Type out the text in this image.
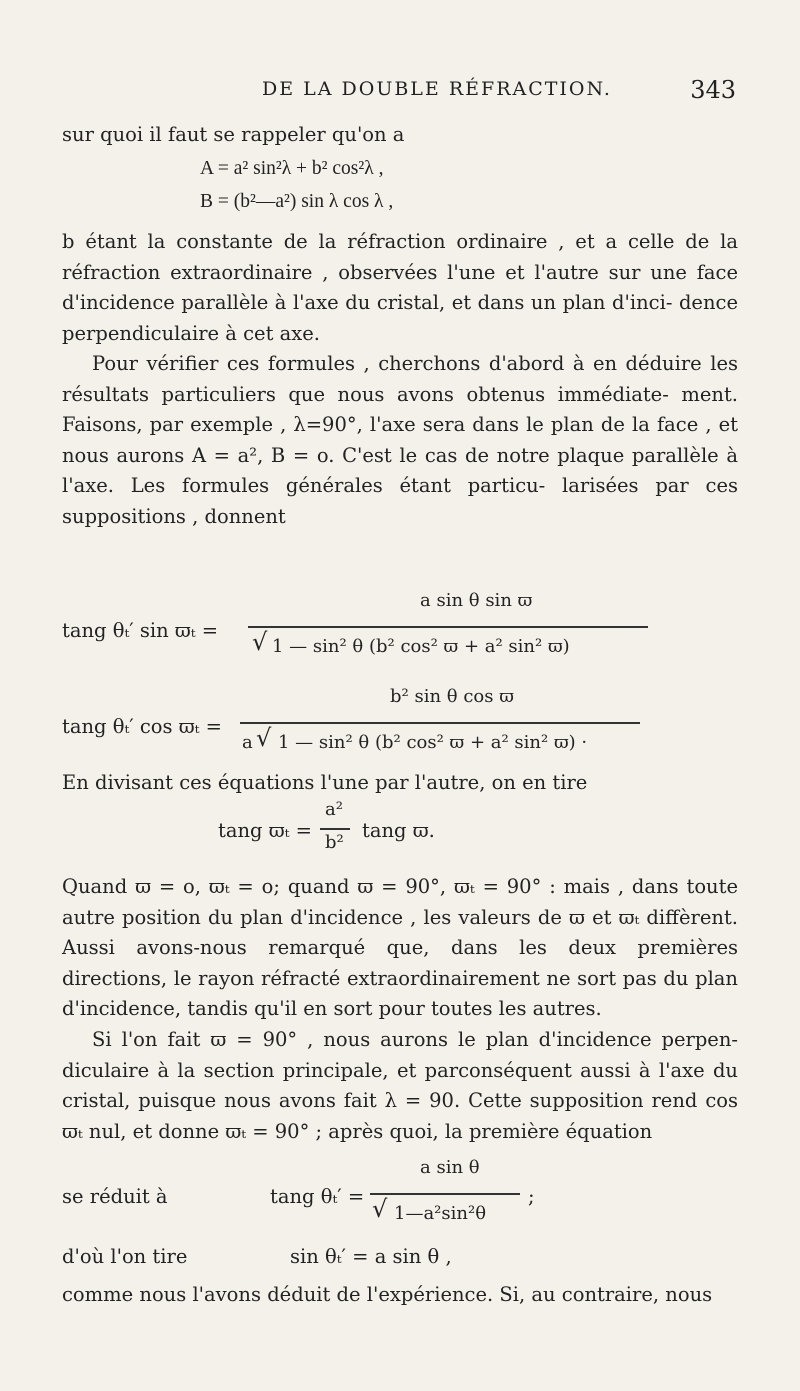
DE LA DOUBLE RÉFRACTION.	343

sur quoi il faut se rappeler qu'on a

A = a² sin²λ + b² cos²λ ,
B = (b²—a²) sin λ cos λ ,

b étant la constante de la réfraction ordinaire , et a celle de la réfraction extraordinaire , observées l'une et l'autre sur une face d'incidence parallèle à l'axe du cristal, et dans un plan d'inci- dence perpendiculaire à cet axe.

Pour vérifier ces formules , cherchons d'abord à en déduire les résultats particuliers que nous avons obtenus immédiate- ment. Faisons, par exemple , λ=90°, l'axe sera dans le plan de la face , et nous aurons A = a², B = o. C'est le cas de notre plaque parallèle à l'axe. Les formules générales étant particu- larisées par ces suppositions , donnent

tang θₜ′ sin ϖₜ =
a sin θ sin ϖ
√ 1 — sin² θ (b² cos² ϖ + a² sin² ϖ)
tang θₜ′ cos ϖₜ =
b² sin θ cos ϖ
a √ 1 — sin² θ (b² cos² ϖ + a² sin² ϖ) ·

En divisant ces équations l'une par l'autre, on en tire

tang ϖₜ =
a²
b²
tang ϖ.

Quand ϖ = o, ϖₜ = o; quand ϖ = 90°, ϖₜ = 90° : mais , dans toute autre position du plan d'incidence , les valeurs de ϖ et ϖₜ diffèrent. Aussi avons-nous remarqué que, dans les deux premières directions, le rayon réfracté extraordinairement ne sort pas du plan d'incidence, tandis qu'il en sort pour toutes les autres.

Si l'on fait ϖ = 90° , nous aurons le plan d'incidence perpen- diculaire à la section principale, et parconséquent aussi à l'axe du cristal, puisque nous avons fait λ = 90. Cette supposition rend cos ϖₜ nul, et donne ϖₜ = 90° ; après quoi, la première équation

se réduit à	tang θₜ′ =
a sin θ
√ 1—a²sin²θ
;
d'où l'on tire	sin θₜ′ = a sin θ ,

comme nous l'avons déduit de l'expérience. Si, au contraire, nous
